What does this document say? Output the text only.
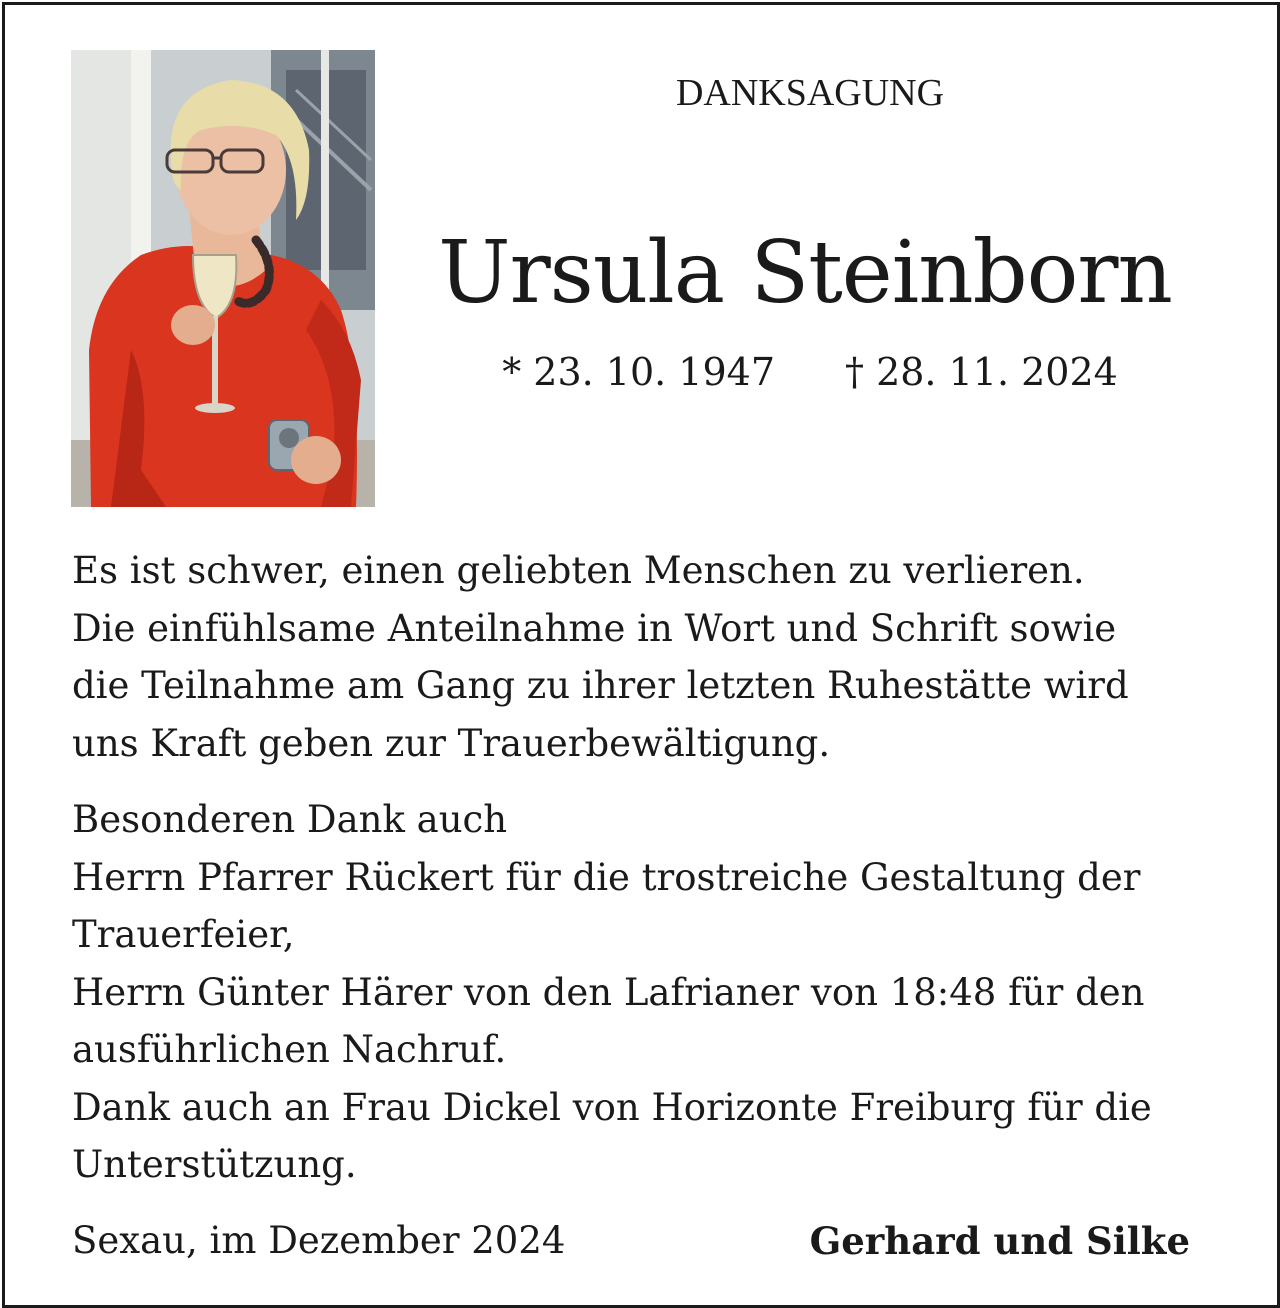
DANKSAGUNG
Ursula Steinborn
* 23. 10. 1947 † 28. 11. 2024

Es ist schwer, einen geliebten Menschen zu verlieren.
Die einfühlsame Anteilnahme in Wort und Schrift sowie
die Teilnahme am Gang zu ihrer letzten Ruhestätte wird
uns Kraft geben zur Trauerbewältigung.

Besonderen Dank auch
Herrn Pfarrer Rückert für die trostreiche Gestaltung der
Trauerfeier,
Herrn Günter Härer von den Lafrianer von 18:48 für den
ausführlichen Nachruf.
Dank auch an Frau Dickel von Horizonte Freiburg für die
Unterstützung.

Sexau, im Dezember 2024	Gerhard und Silke
